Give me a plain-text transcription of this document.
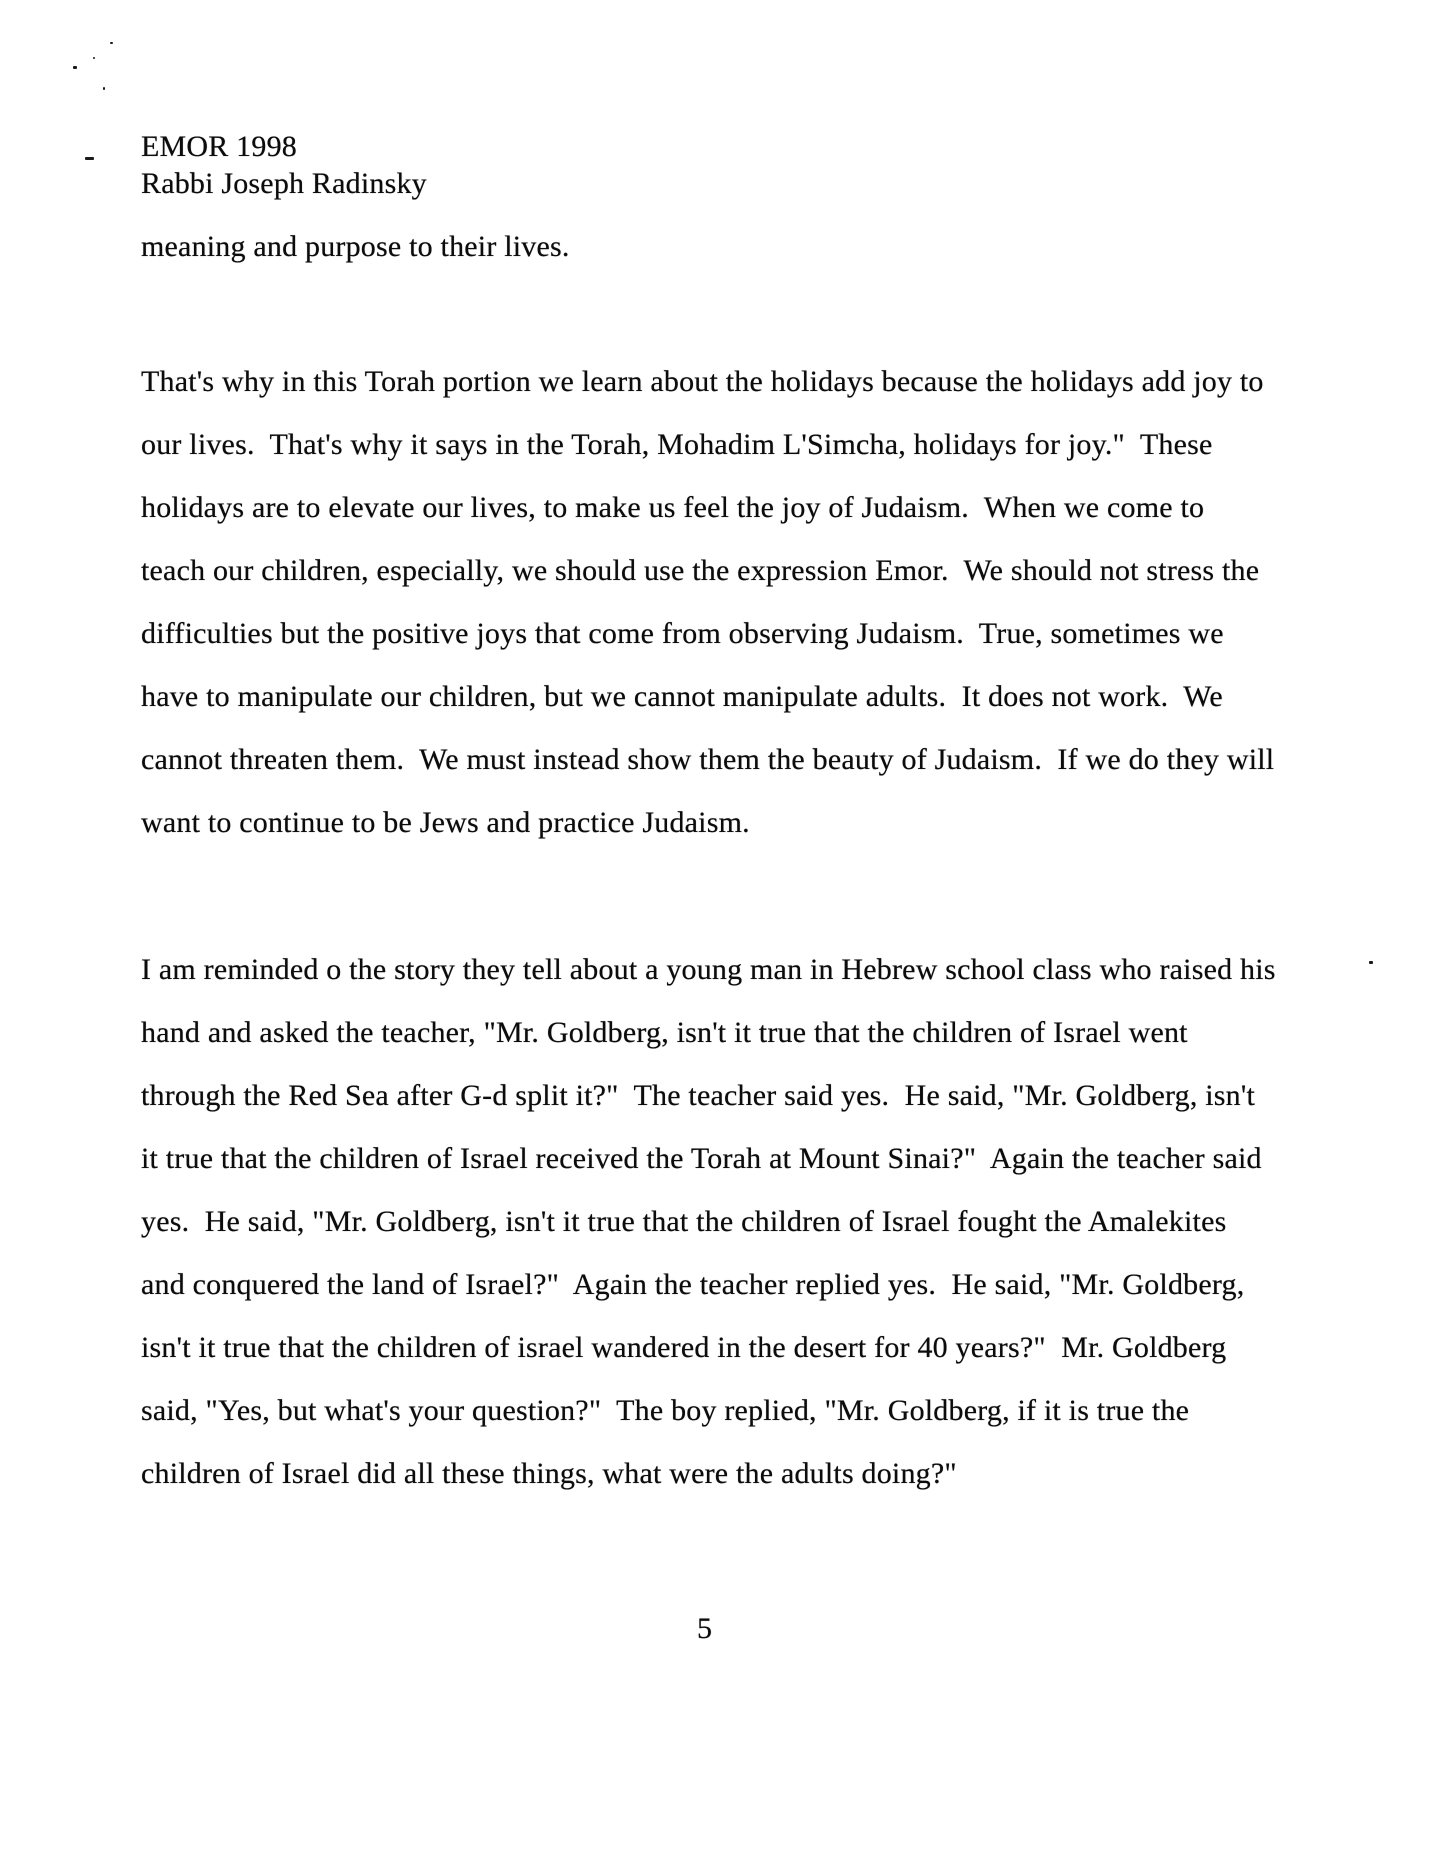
EMOR 1998
Rabbi Joseph Radinsky
meaning and purpose to their lives.
That's why in this Torah portion we learn about the holidays because the holidays add joy to
our lives.  That's why it says in the Torah, Mohadim L'Simcha, holidays for joy."  These
holidays are to elevate our lives, to make us feel the joy of Judaism.  When we come to
teach our children, especially, we should use the expression Emor.  We should not stress the
difficulties but the positive joys that come from observing Judaism.  True, sometimes we
have to manipulate our children, but we cannot manipulate adults.  It does not work.  We
cannot threaten them.  We must instead show them the beauty of Judaism.  If we do they will
want to continue to be Jews and practice Judaism.
I am reminded o the story they tell about a young man in Hebrew school class who raised his
hand and asked the teacher, "Mr. Goldberg, isn't it true that the children of Israel went
through the Red Sea after G-d split it?"  The teacher said yes.  He said, "Mr. Goldberg, isn't
it true that the children of Israel received the Torah at Mount Sinai?"  Again the teacher said
yes.  He said, "Mr. Goldberg, isn't it true that the children of Israel fought the Amalekites
and conquered the land of Israel?"  Again the teacher replied yes.  He said, "Mr. Goldberg,
isn't it true that the children of israel wandered in the desert for 40 years?"  Mr. Goldberg
said, "Yes, but what's your question?"  The boy replied, "Mr. Goldberg, if it is true the
children of Israel did all these things, what were the adults doing?"
5
